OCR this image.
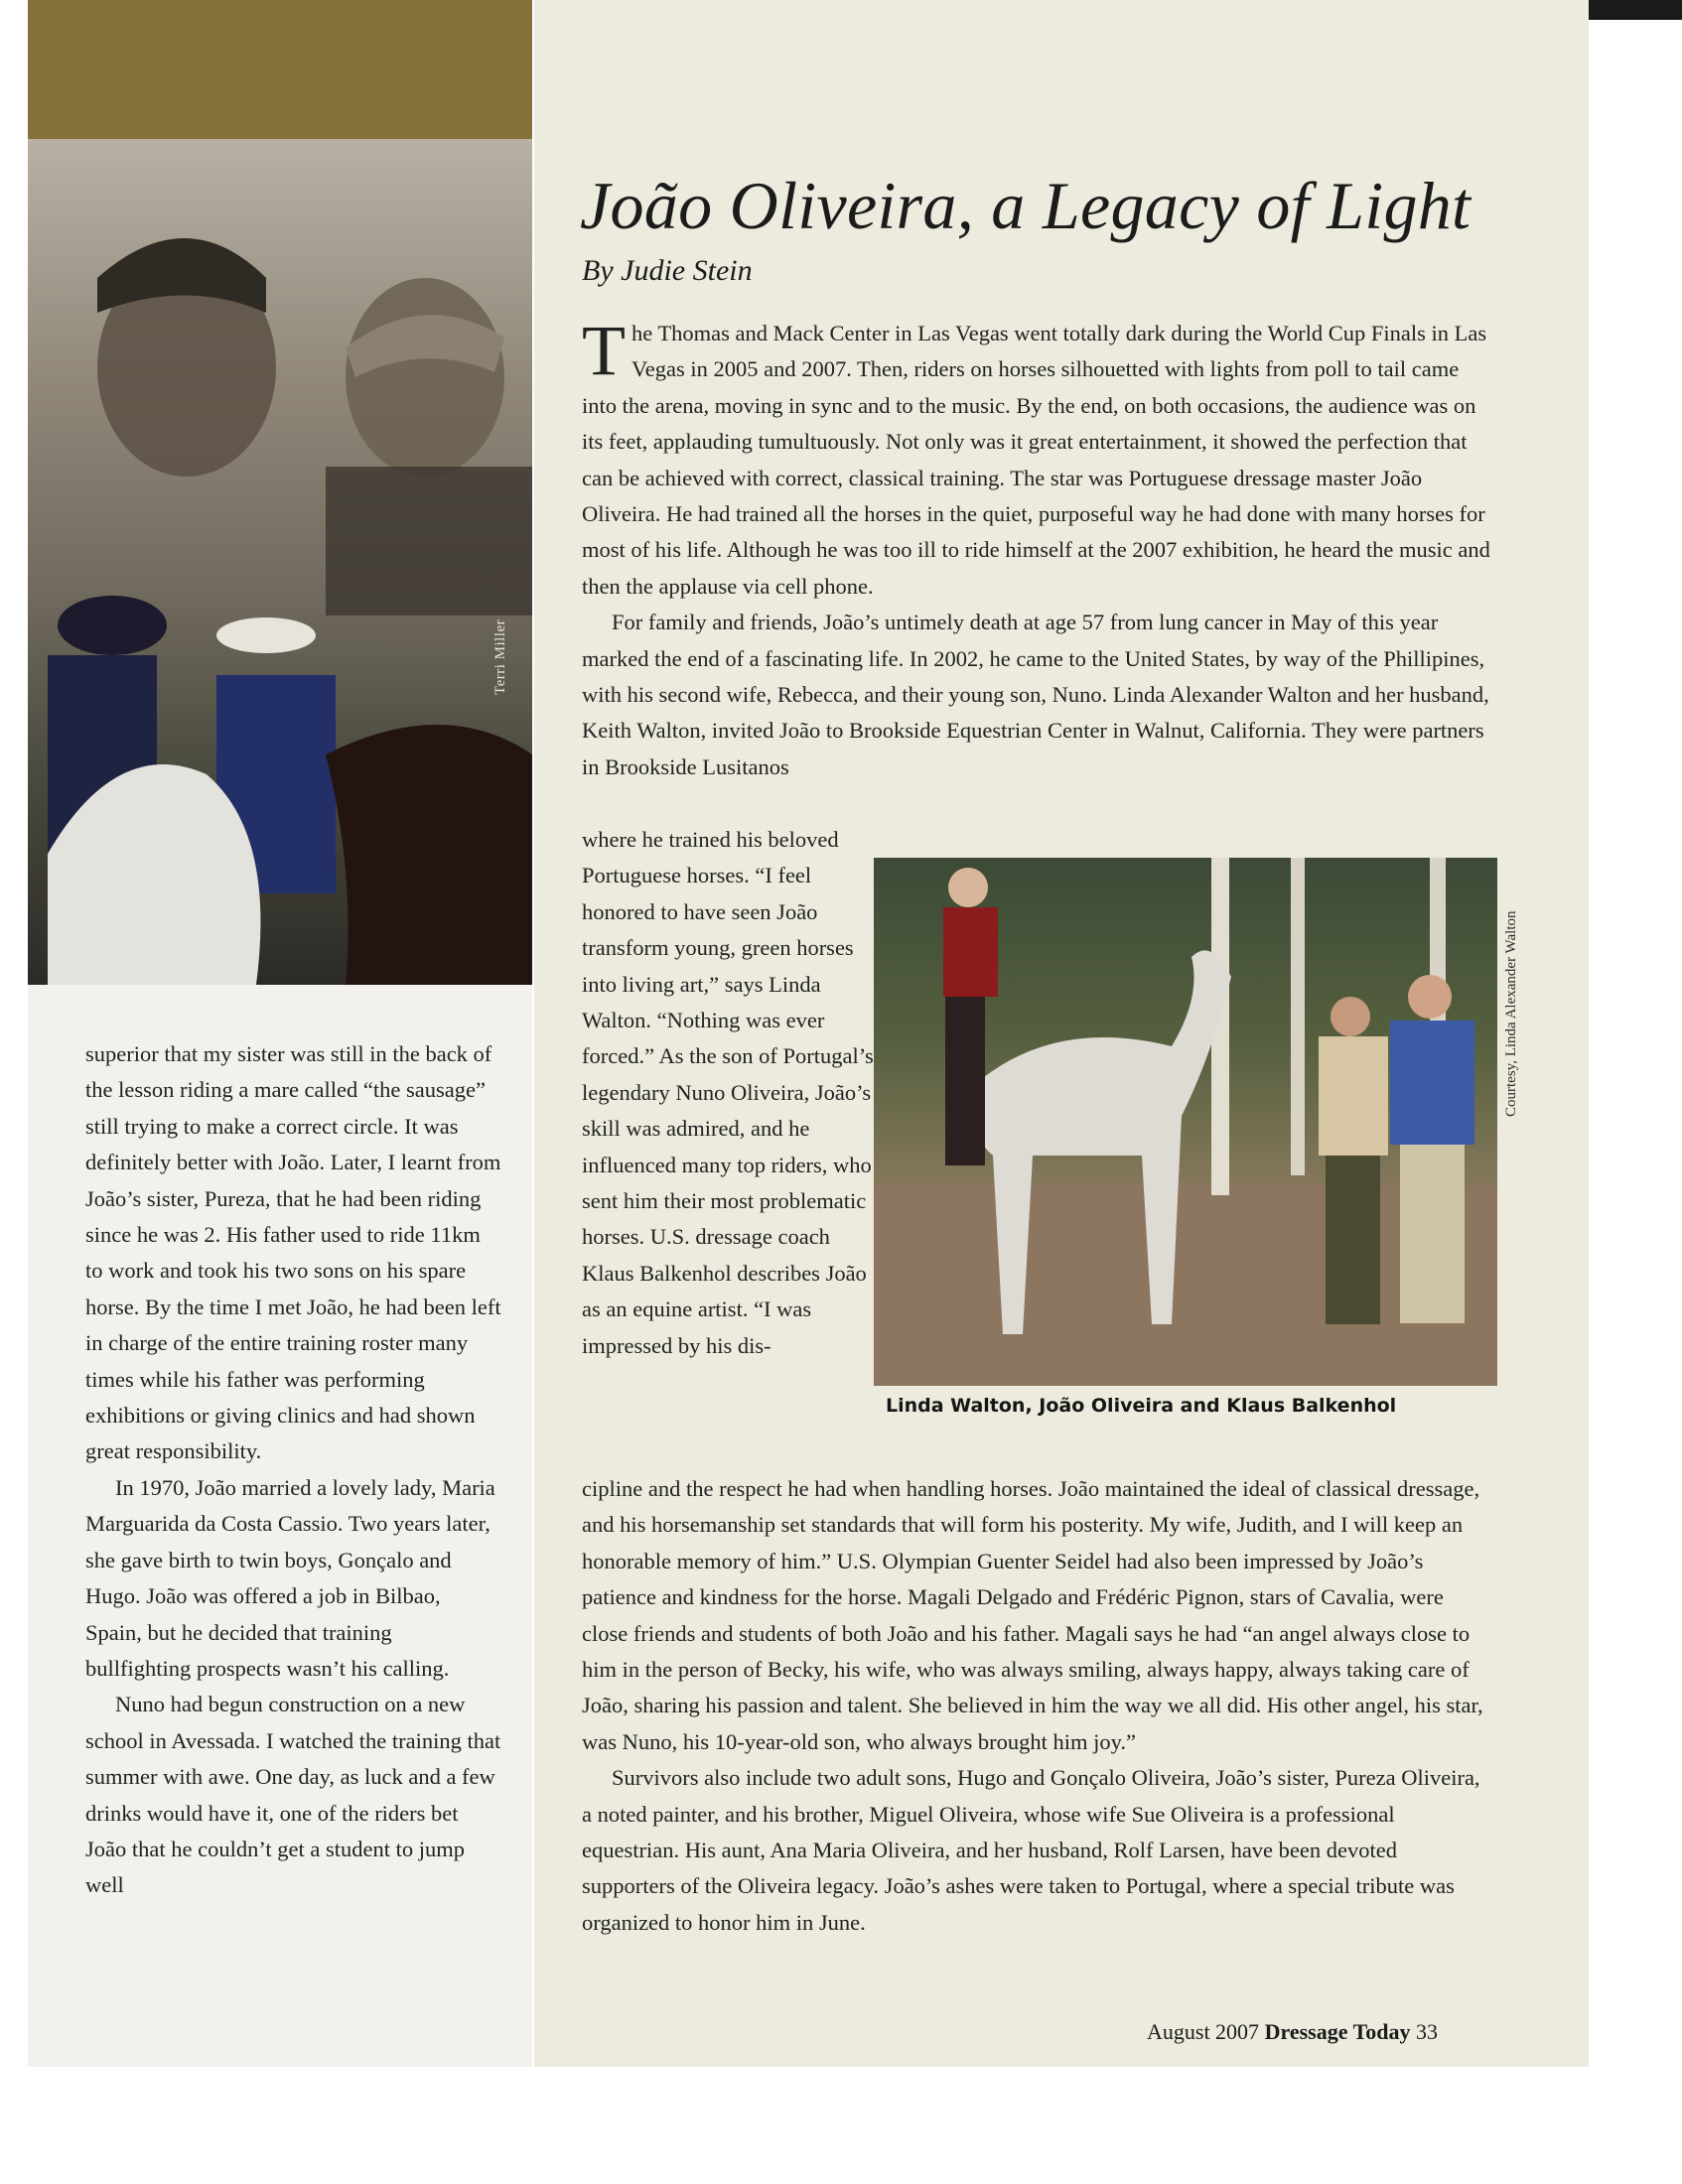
Terri Miller
João Oliveira, a Legacy of Light

By Judie Stein

The Thomas and Mack Center in Las Vegas went totally dark during the World Cup Finals in Las Vegas in 2005 and 2007. Then, riders on horses silhouetted with lights from poll to tail came into the arena, moving in sync and to the music. By the end, on both occasions, the audience was on its feet, applauding tumultuously. Not only was it great entertainment, it showed the perfection that can be achieved with correct, classical training. The star was Portuguese dressage master João Oliveira. He had trained all the horses in the quiet, purposeful way he had done with many horses for most of his life. Although he was too ill to ride himself at the 2007 exhibition, he heard the music and then the applause via cell phone.

For family and friends, João’s untimely death at age 57 from lung cancer in May of this year marked the end of a fascinating life. In 2002, he came to the United States, by way of the Phillipines, with his second wife, Rebecca, and their young son, Nuno. Linda Alexander Walton and her husband, Keith Walton, invited João to Brookside Equestrian Center in Walnut, California. They were partners in Brookside Lusitanos

where he trained his beloved Portuguese horses. “I feel honored to have seen João transform young, green horses into living art,” says Linda Walton. “Nothing was ever forced.” As the son of Portugal’s legendary Nuno Oliveira, João’s skill was admired, and he influenced many top riders, who sent him their most problematic horses. U.S. dressage coach Klaus Balkenhol describes João as an equine artist. “I was impressed by his dis-

Linda Walton, João Oliveira and Klaus Balkenhol

Courtesy, Linda Alexander Walton

cipline and the respect he had when handling horses. João maintained the ideal of classical dressage, and his horsemanship set standards that will form his posterity. My wife, Judith, and I will keep an honorable memory of him.” U.S. Olympian Guenter Seidel had also been impressed by João’s patience and kindness for the horse. Magali Delgado and Frédéric Pignon, stars of Cavalia, were close friends and students of both João and his father. Magali says he had “an angel always close to him in the person of Becky, his wife, who was always smiling, always happy, always taking care of João, sharing his passion and talent. She believed in him the way we all did. His other angel, his star, was Nuno, his 10-year-old son, who always brought him joy.”

Survivors also include two adult sons, Hugo and Gonçalo Oliveira, João’s sister, Pureza Oliveira, a noted painter, and his brother, Miguel Oliveira, whose wife Sue Oliveira is a professional equestrian. His aunt, Ana Maria Oliveira, and her husband, Rolf Larsen, have been devoted supporters of the Oliveira legacy. João’s ashes were taken to Portugal, where a special tribute was organized to honor him in June.

superior that my sister was still in the back of the lesson riding a mare called “the sausage” still trying to make a correct circle. It was definitely better with João. Later, I learnt from João’s sister, Pureza, that he had been riding since he was 2. His father used to ride 11km to work and took his two sons on his spare horse. By the time I met João, he had been left in charge of the entire training roster many times while his father was performing exhibitions or giving clinics and had shown great responsibility.

In 1970, João married a lovely lady, Maria Marguarida da Costa Cassio. Two years later, she gave birth to twin boys, Gonçalo and Hugo. João was offered a job in Bilbao, Spain, but he decided that training bullfighting prospects wasn’t his calling.

Nuno had begun construction on a new school in Avessada. I watched the training that summer with awe. One day, as luck and a few drinks would have it, one of the riders bet João that he couldn’t get a student to jump well

August 2007 Dressage Today 33
